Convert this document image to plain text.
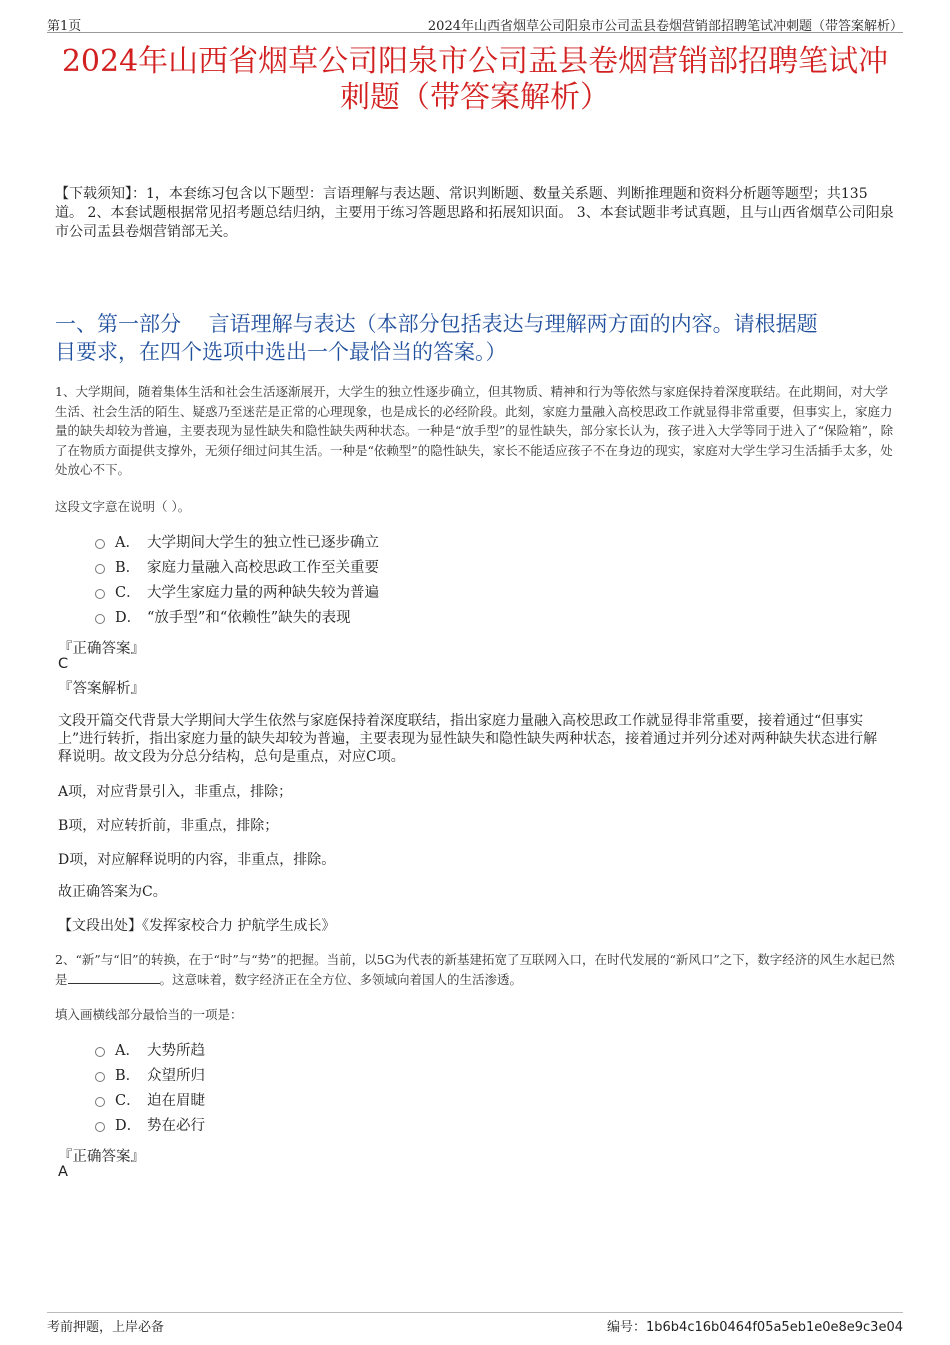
第1页	2024年山西省烟草公司阳泉市公司盂县卷烟营销部招聘笔试冲刺题（带答案解析）
2024年山西省烟草公司阳泉市公司盂县卷烟营销部招聘笔试冲
刺题（带答案解析）
【下载须知】：1，本套练习包含以下题型：言语理解与表达题、常识判断题、数量关系题、判断推理题和资料分析题等题型；共135道。 2、本套试题根据常见招考题总结归纳，主要用于练习答题思路和拓展知识面。 3、本套试题非考试真题，且与山西省烟草公司阳泉市公司盂县卷烟营销部无关。
一、第一部分　 言语理解与表达（本部分包括表达与理解两方面的内容。请根据题
目要求，在四个选项中选出一个最恰当的答案。）
1、大学期间，随着集体生活和社会生活逐渐展开，大学生的独立性逐步确立，但其物质、精神和行为等依然与家庭保持着深度联结。在此期间，对大学生活、社会生活的陌生、疑惑乃至迷茫是正常的心理现象，也是成长的必经阶段。此刻，家庭力量融入高校思政工作就显得非常重要，但事实上，家庭力量的缺失却较为普遍，主要表现为显性缺失和隐性缺失两种状态。一种是“放手型”的显性缺失，部分家长认为，孩子进入大学等同于进入了“保险箱”，除了在物质方面提供支撑外，无须仔细过问其生活。一种是“依赖型”的隐性缺失，家长不能适应孩子不在身边的现实，家庭对大学生学习生活插手太多，处处放心不下。
这段文字意在说明（ ）。
A． 大学期间大学生的独立性已逐步确立
B． 家庭力量融入高校思政工作至关重要
C． 大学生家庭力量的两种缺失较为普遍
D． “放手型”和“依赖性”缺失的表现
『正确答案』
C
『答案解析』
文段开篇交代背景大学期间大学生依然与家庭保持着深度联结，指出家庭力量融入高校思政工作就显得非常重要，接着通过“但事实上”进行转折，指出家庭力量的缺失却较为普遍，主要表现为显性缺失和隐性缺失两种状态，接着通过并列分述对两种缺失状态进行解释说明。故文段为分总分结构，总句是重点，对应C项。
A项，对应背景引入，非重点，排除；
B项，对应转折前，非重点，排除；
D项，对应解释说明的内容，非重点，排除。
故正确答案为C。
【文段出处】《发挥家校合力 护航学生成长》
2、“新”与“旧”的转换，在于“时”与“势”的把握。当前，以5G为代表的新基建拓宽了互联网入口，在时代发展的“新风口”之下，数字经济的风生水起已然是	。这意味着，数字经济正在全方位、多领域向着国人的生活渗透。
填入画横线部分最恰当的一项是：
A． 大势所趋
B． 众望所归
C． 迫在眉睫
D． 势在必行
『正确答案』
A
考前押题，上岸必备	编号：1b6b4c16b0464f05a5eb1e0e8e9c3e04
